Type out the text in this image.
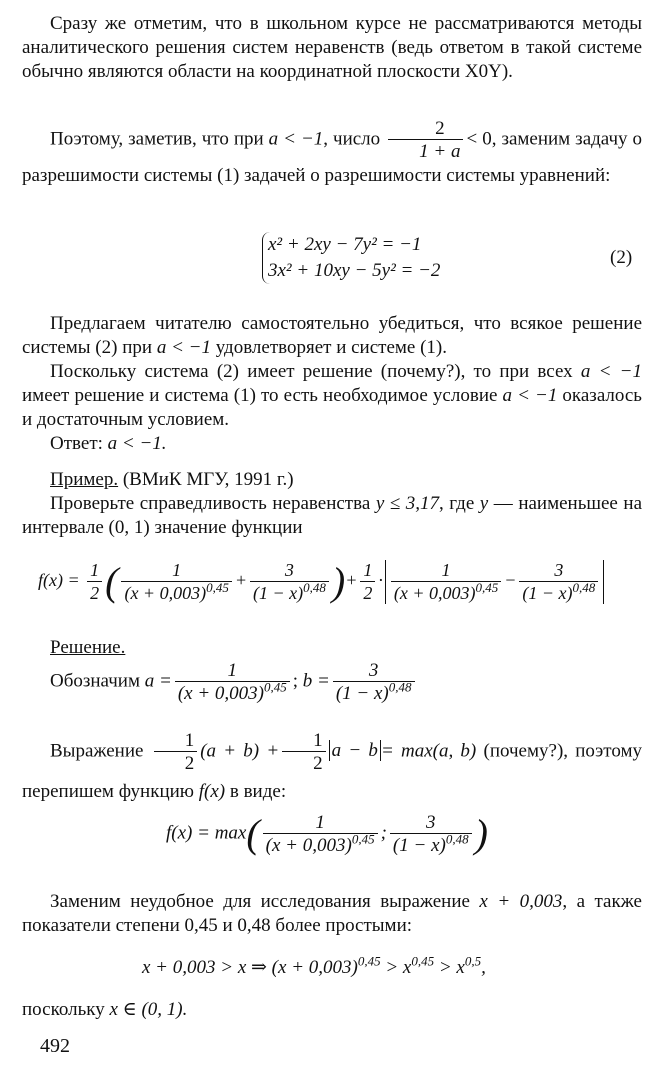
Сразу же отметим, что в школьном курсе не рассматриваются методы аналитического решения систем неравенств (ведь ответом в такой системе обычно являются области на координатной плоскости X0Y).

Поэтому, заметив, что при a < −1, число $\frac{2}{1 + a} < 0$, заменим задачу о разрешимости системы (1) задачей о разрешимости системы уравнений:

x² + 2xy − 7y² = −1
3x² + 10xy − 5y² = −2
(2)

Предлагаем читателю самостоятельно убедиться, что всякое решение системы (2) при a < −1 удовлетворяет и системе (1).

Поскольку система (2) имеет решение (почему?), то при всех a < −1 имеет решение и система (1) то есть необходимое условие a < −1 оказалось и достаточным условием.

Ответ: a < −1.

Пример. (ВМиК МГУ, 1991 г.)

Проверьте справедливость неравенства y ≤ 3,17, где y — наименьшее на интервале (0, 1) значение функции

$f(x) = \frac{1}{2}$ ( $\frac{1}{(x + 0,003)^{0,45}} + \frac{3}{(1 - x)^{0,48}}$ )+ $\frac{1}{2} \cdot \frac{1}{(x + 0,003)^{0,45}} - \frac{3}{(1 - x)^{0,48}}$

Решение.

Обозначим $a = \frac{1}{(x + 0,003)^{0,45}}$ ; $b = \frac{3}{(1 - x)^{0,48}}$

Выражение $\frac{1}{2} (a + b) + \frac{1}{2}$ a − b = max(a, b) (почему?), поэтому перепишем функцию f(x) в виде:

$f(x) = \max( \frac{1}{(x + 0,003)^{0,45}}$ ; $\frac{3}{(1 - x)^{0,48}}$ )

Заменим неудобное для исследования выражение x + 0,003, а также показатели степени 0,45 и 0,48 более простыми:

x + 0,003 > x ⇒ $(x + 0,003)^{0,45} > x^{0,45} > x^{0,5}$,

поскольку x ∈ (0, 1).

492
